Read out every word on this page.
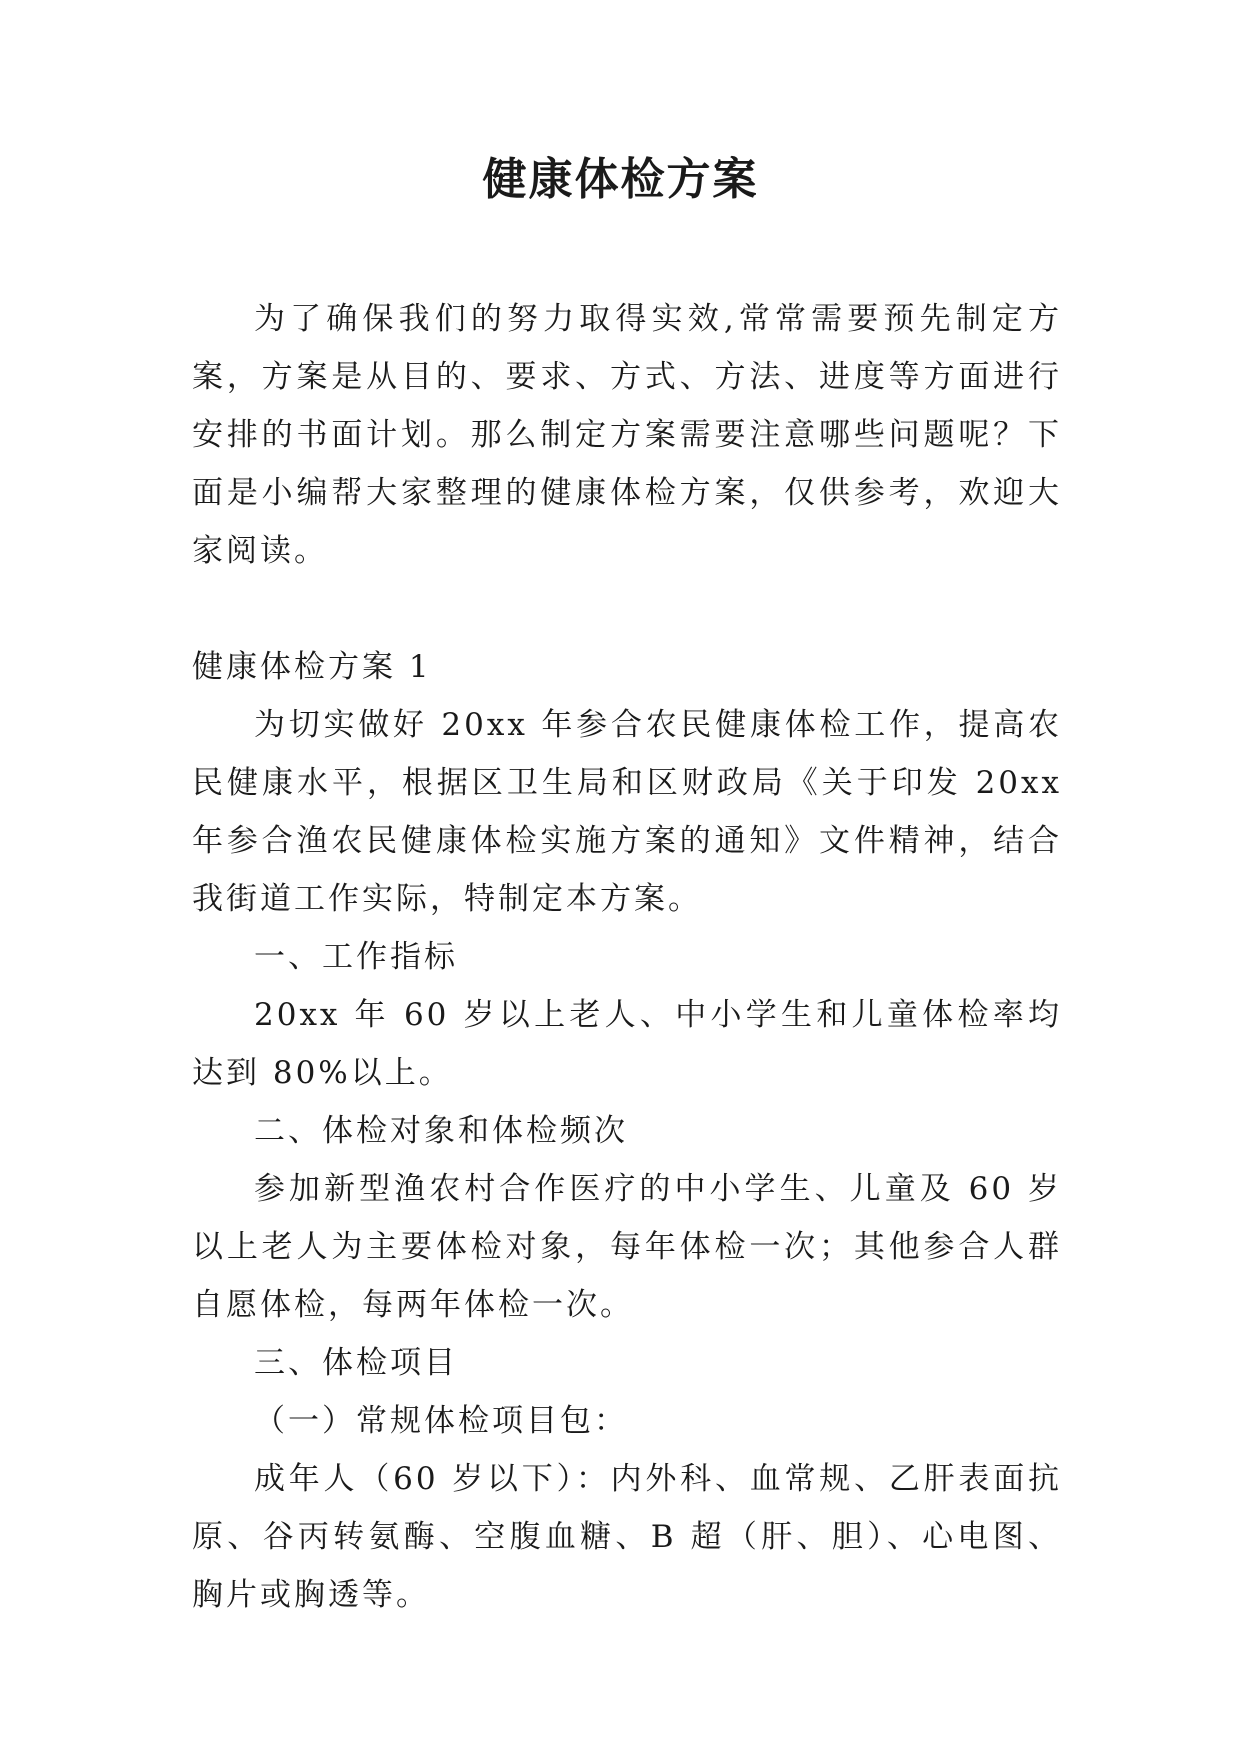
健康体检方案

为了确保我们的努力取得实效,常常需要预先制定方案，方案是从目的、要求、方式、方法、进度等方面进行安排的书面计划。那么制定方案需要注意哪些问题呢？下面是小编帮大家整理的健康体检方案，仅供参考，欢迎大家阅读。

健康体检方案 1

为切实做好 20xx 年参合农民健康体检工作，提高农民健康水平，根据区卫生局和区财政局《关于印发 20xx 年参合渔农民健康体检实施方案的通知》文件精神，结合我街道工作实际，特制定本方案。

一、工作指标

20xx 年 60 岁以上老人、中小学生和儿童体检率均达到 80%以上。

二、体检对象和体检频次

参加新型渔农村合作医疗的中小学生、儿童及 60 岁以上老人为主要体检对象，每年体检一次；其他参合人群自愿体检，每两年体检一次。

三、体检项目

（一）常规体检项目包：

成年人（60 岁以下）：内外科、血常规、乙肝表面抗原、谷丙转氨酶、空腹血糖、B 超（肝、胆）、心电图、胸片或胸透等。
